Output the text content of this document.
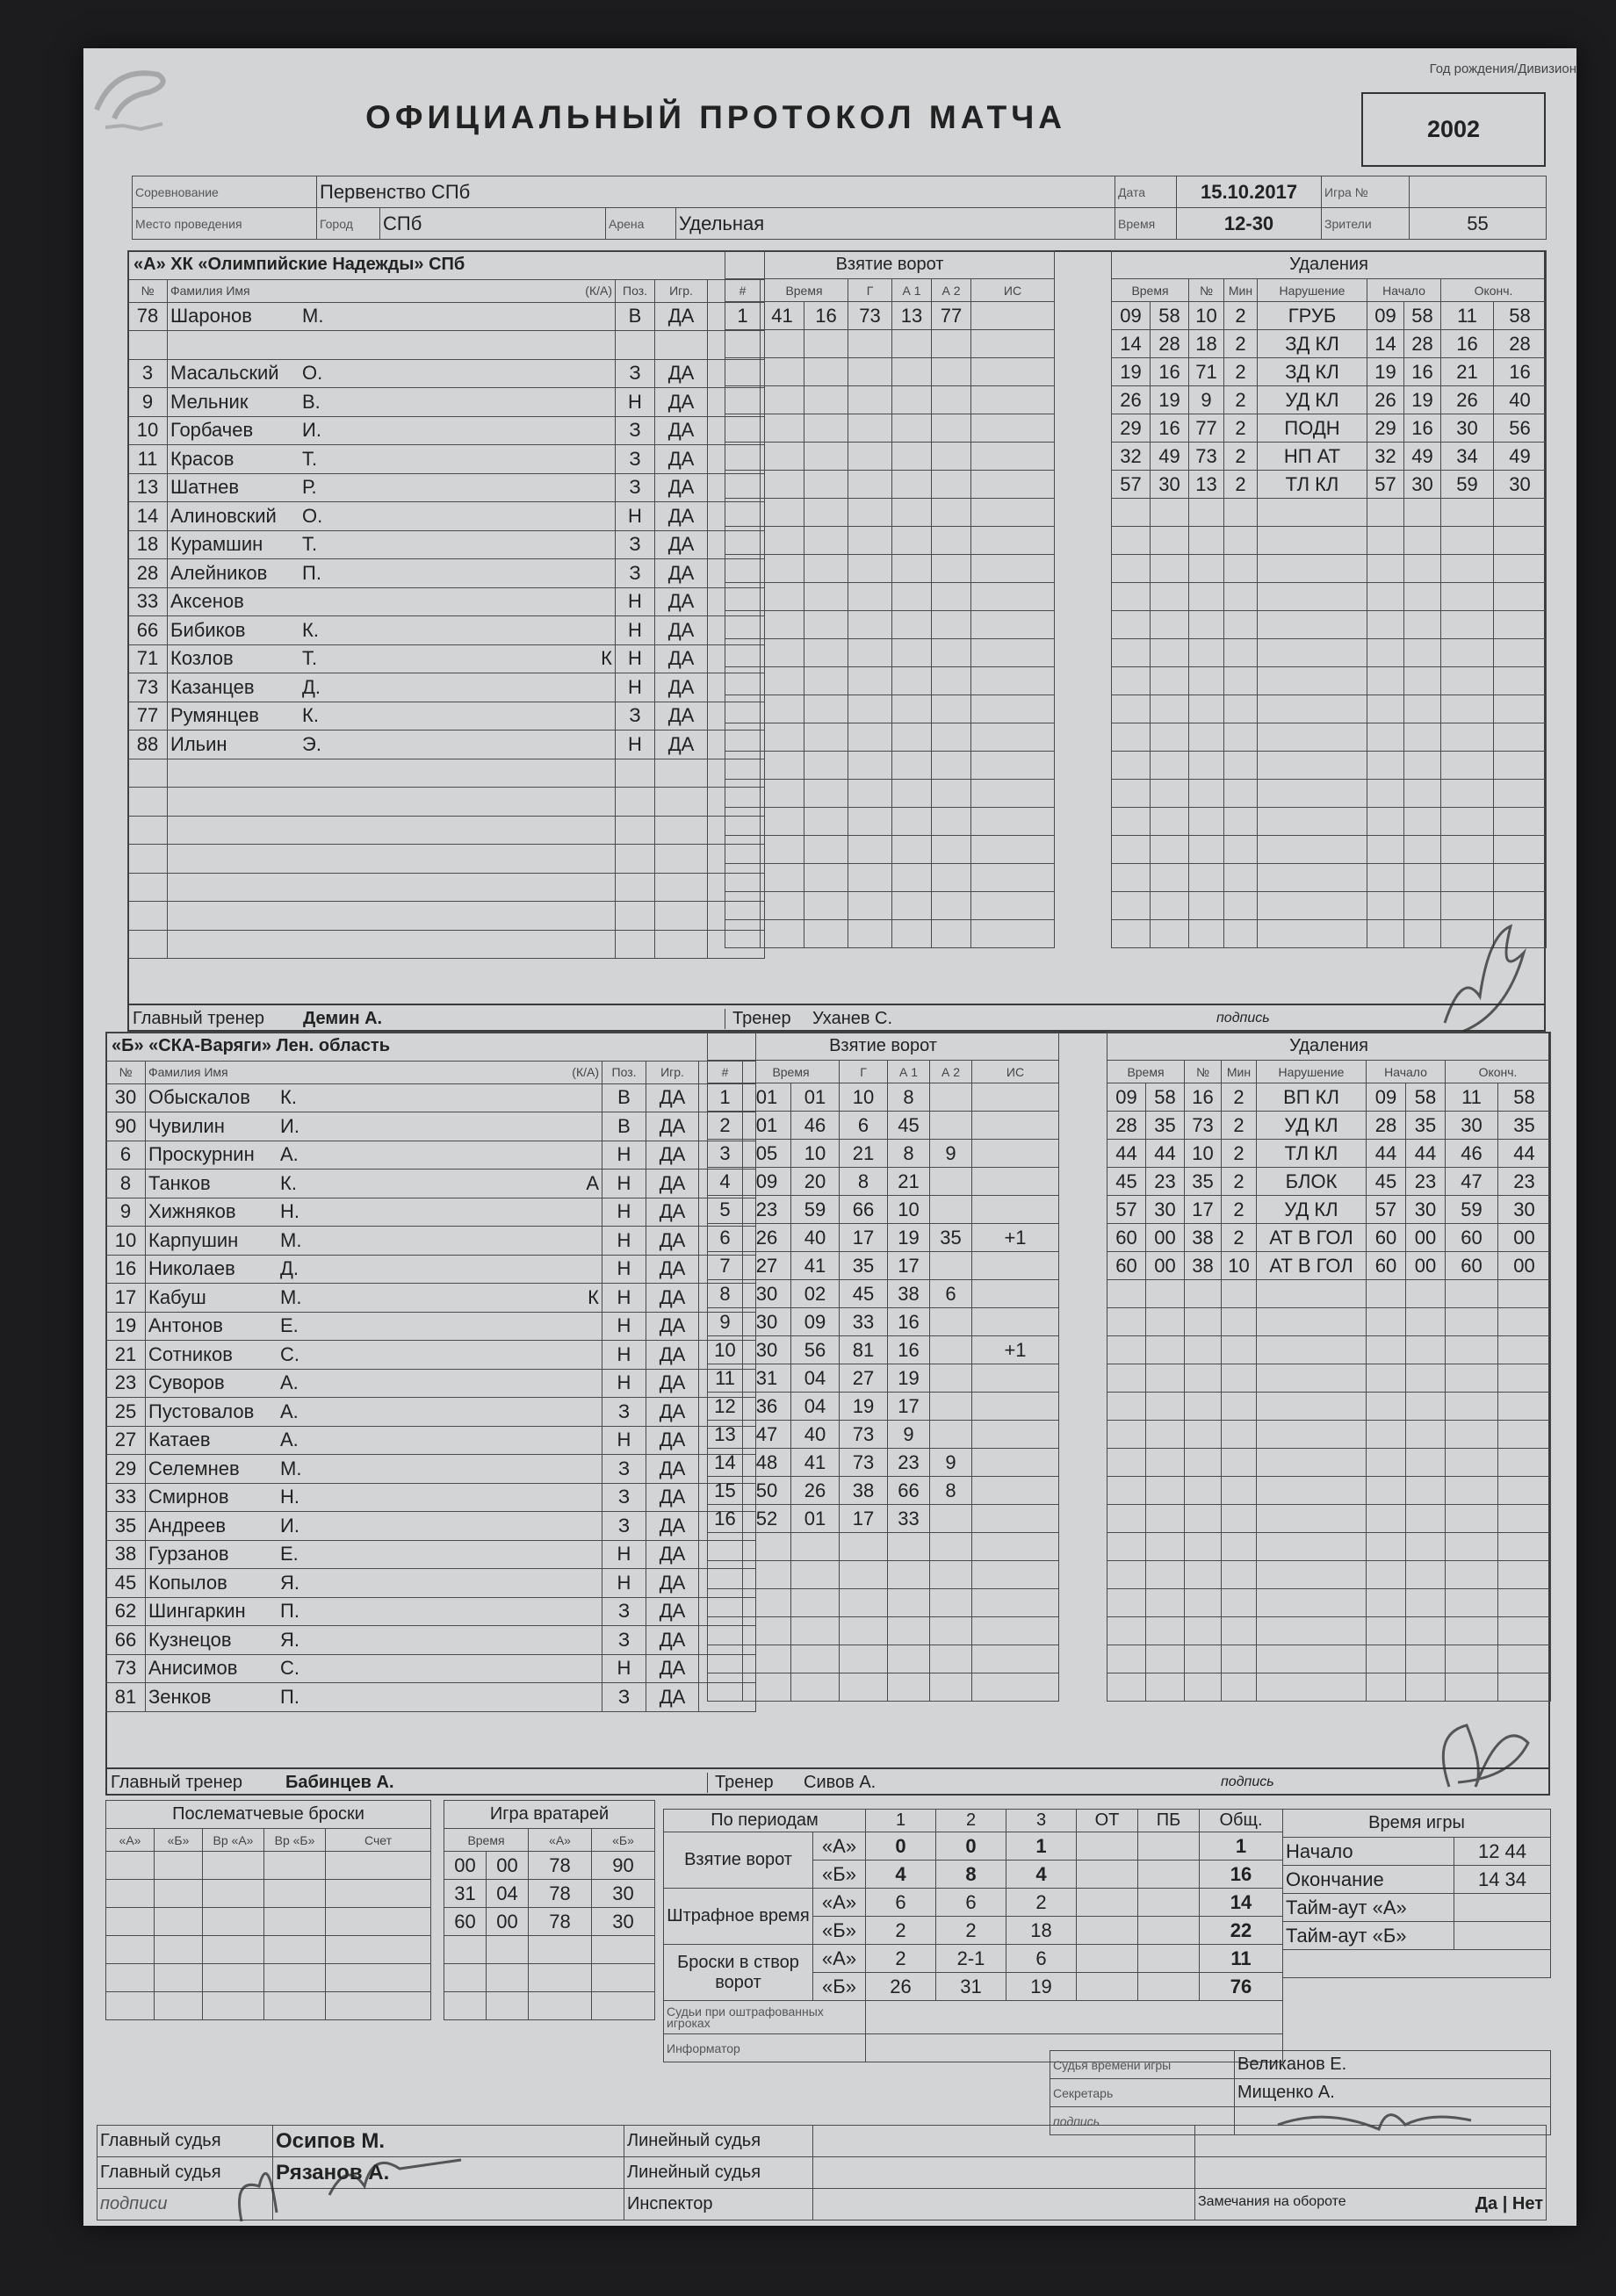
ОФИЦИАЛЬНЫЙ ПРОТОКОЛ МАТЧА
Год рождения/Дивизион
2002
Соревнование	Первенство СПб				Дата	15.10.2017	Игра №	
Место проведения	Город	СПб	Арена	Удельная	Время	12-30	Зрители	55
«А» ХК «Олимпийские Надежды» СПб				
№	Фамилия Имя (К/А)	Поз.	Игр.	
78	Шаронов М.	В	ДА	

3	Масальский О.	З	ДА	
9	Мельник В.	Н	ДА	
10	Горбачев И.	З	ДА	
11	Красов Т.	З	ДА	
13	Шатнев Р.	З	ДА	
14	Алиновский О.	Н	ДА	
18	Курамшин Т.	З	ДА	
28	Алейников П.	З	ДА	
33	Аксенов	Н	ДА	
66	Бибиков К.	Н	ДА	
71	Козлов Т. К	Н	ДА	
73	Казанцев Д.	Н	ДА	
77	Румянцев К.	З	ДА	
88	Ильин Э.	Н	ДА	

Взятие ворот						
#	Время		Г	А 1	А 2	ИС
1	41	16	73	13	77	

Удаления								
Время		№	Мин	Нарушение	Начало		Оконч.	
09	58	10	2	ГРУБ	09	58	11	58
14	28	18	2	ЗД КЛ	14	28	16	28
19	16	71	2	ЗД КЛ	19	16	21	16
26	19	9	2	УД КЛ	26	19	26	40
29	16	77	2	ПОДН	29	16	30	56
32	49	73	2	НП АТ	32	49	34	49
57	30	13	2	ТЛ КЛ	57	30	59	30

Главный тренер	Демин А.	Тренер	Уханев С.	подпись
«Б» «СКА-Варяги» Лен. область				
№	Фамилия Имя (К/А)	Поз.	Игр.	
30	Обыскалов К.	В	ДА	
90	Чувилин И.	В	ДА	
6	Проскурнин А.	Н	ДА	
8	Танков К. А	Н	ДА	
9	Хижняков Н.	Н	ДА	
10	Карпушин М.	Н	ДА	
16	Николаев Д.	Н	ДА	
17	Кабуш М. К	Н	ДА	
19	Антонов Е.	Н	ДА	
21	Сотников С.	Н	ДА	
23	Суворов А.	Н	ДА	
25	Пустовалов А.	З	ДА	
27	Катаев А.	Н	ДА	
29	Селемнев М.	З	ДА	
33	Смирнов Н.	З	ДА	
35	Андреев И.	З	ДА	
38	Гурзанов Е.	Н	ДА	
45	Копылов Я.	Н	ДА	
62	Шингаркин П.	З	ДА	
66	Кузнецов Я.	З	ДА	
73	Анисимов С.	Н	ДА	
81	Зенков П.	З	ДА	
Взятие ворот						
#	Время		Г	А 1	А 2	ИС
1	01	01	10	8		
2	01	46	6	45		
3	05	10	21	8	9	
4	09	20	8	21		
5	23	59	66	10		
6	26	40	17	19	35	+1
7	27	41	35	17		
8	30	02	45	38	6	
9	30	09	33	16		
10	30	56	81	16		+1
11	31	04	27	19		
12	36	04	19	17		
13	47	40	73	9		
14	48	41	73	23	9	
15	50	26	38	66	8	
16	52	01	17	33		

Удаления								
Время		№	Мин	Нарушение	Начало		Оконч.	
09	58	16	2	ВП КЛ	09	58	11	58
28	35	73	2	УД КЛ	28	35	30	35
44	44	10	2	ТЛ КЛ	44	44	46	44
45	23	35	2	БЛОК	45	23	47	23
57	30	17	2	УД КЛ	57	30	59	30
60	00	38	2	АТ В ГОЛ	60	00	60	00
60	00	38	10	АТ В ГОЛ	60	00	60	00

Главный тренер	Бабинцев А.	Тренер	Сивов А.	подпись
Послематчевые броски				
«А»	«Б»	Вр «А»	Вр «Б»	Счет

Игра вратарей			
Время		«А»	«Б»
00	00	78	90
31	04	78	30
60	00	78	30

По периодам		1	2	3	ОТ	ПБ	Общ.
Взятие ворот	«А»	0	0	1			1
	«Б»	4	8	4			16
Штрафное время	«А»	6	6	2			14
	«Б»	2	2	18			22
Броски в створ ворот	«А»	2	2-1	6			11
	«Б»	26	31	19			76
Судьи при оштрафованных игроках							
Информатор							
Время игры	
Начало	12 44
Окончание	14 34
Тайм-аут «А»	
Тайм-аут «Б»	

Судья времени игры	Великанов Е.
Секретарь	Мищенко А.
подпись	
Главный судья	Осипов М.	Линейный судья		
Главный судья	Рязанов А.	Линейный судья		
подписи		Инспектор		Замечания на обороте Да | Нет
